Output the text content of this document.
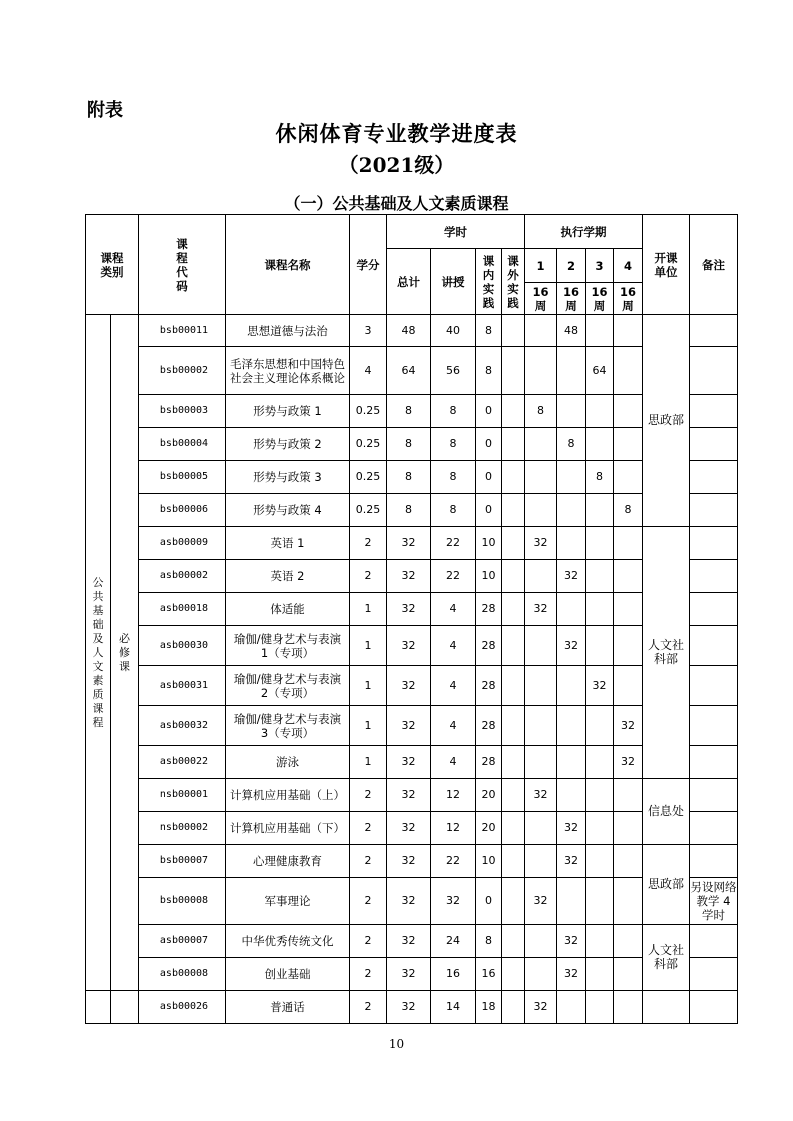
附表
休闲体育专业教学进度表
（2021级）
（一）公共基础及人文素质课程
课程类别		课程代码	课程名称	学分	学时				执行学期				开课单位	备注
					总计	讲授	课内实践	课外实践	1	2	3	4		
									16周	16周	16周	16周		
公共基础及人文素质课程	必修课	bsb00011	思想道德与法治	3	48	40	8			48			思政部	
		bsb00002	毛泽东思想和中国特色社会主义理论体系概论	4	64	56	8				64			
		bsb00003	形势与政策 1	0.25	8	8	0		8					
		bsb00004	形势与政策 2	0.25	8	8	0			8				
		bsb00005	形势与政策 3	0.25	8	8	0				8			
		bsb00006	形势与政策 4	0.25	8	8	0					8		
		asb00009	英语 1	2	32	22	10		32				人文社科部	
		asb00002	英语 2	2	32	22	10			32				
		asb00018	体适能	1	32	4	28		32					
		asb00030	瑜伽/健身艺术与表演 1（专项）	1	32	4	28			32				
		asb00031	瑜伽/健身艺术与表演 2（专项）	1	32	4	28				32			
		asb00032	瑜伽/健身艺术与表演 3（专项）	1	32	4	28					32		
		asb00022	游泳	1	32	4	28					32		
		nsb00001	计算机应用基础（上）	2	32	12	20		32				信息处	
		nsb00002	计算机应用基础（下）	2	32	12	20			32				
		bsb00007	心理健康教育	2	32	22	10			32			思政部	
		bsb00008	军事理论	2	32	32	0		32					另设网络教学 4 学时
		asb00007	中华优秀传统文化	2	32	24	8			32			人文社科部	
		asb00008	创业基础	2	32	16	16			32				
		asb00026	普通话	2	32	14	18		32					
10
